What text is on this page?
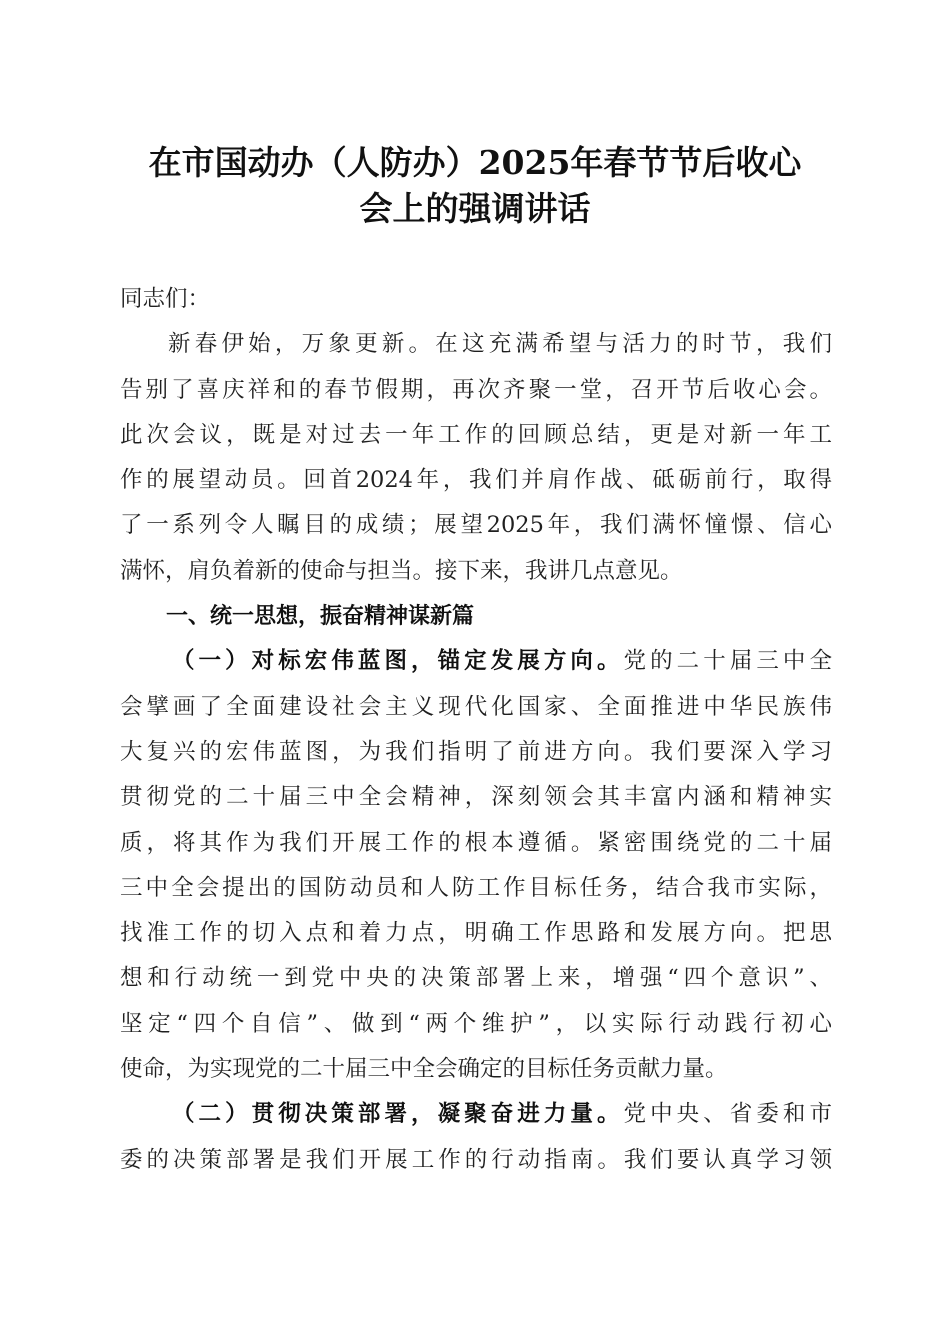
在市国动办（人防办）2025年春节节后收心
会上的强调讲话
同志们：
新春伊始，万象更新。在这充满希望与活力的时节，我们
告别了喜庆祥和的春节假期，再次齐聚一堂，召开节后收心会。
此次会议，既是对过去一年工作的回顾总结，更是对新一年工
作的展望动员。回首2024年，我们并肩作战、砥砺前行，取得
了一系列令人瞩目的成绩；展望2025年，我们满怀憧憬、信心
满怀，肩负着新的使命与担当。接下来，我讲几点意见。
一、统一思想，振奋精神谋新篇
（一）对标宏伟蓝图，锚定发展方向。党的二十届三中全
会擘画了全面建设社会主义现代化国家、全面推进中华民族伟
大复兴的宏伟蓝图，为我们指明了前进方向。我们要深入学习
贯彻党的二十届三中全会精神，深刻领会其丰富内涵和精神实
质，将其作为我们开展工作的根本遵循。紧密围绕党的二十届
三中全会提出的国防动员和人防工作目标任务，结合我市实际，
找准工作的切入点和着力点，明确工作思路和发展方向。把思
想和行动统一到党中央的决策部署上来，增强“四个意识”、
坚定“四个自信”、做到“两个维护”，以实际行动践行初心
使命，为实现党的二十届三中全会确定的目标任务贡献力量。
（二）贯彻决策部署，凝聚奋进力量。党中央、省委和市
委的决策部署是我们开展工作的行动指南。我们要认真学习领
